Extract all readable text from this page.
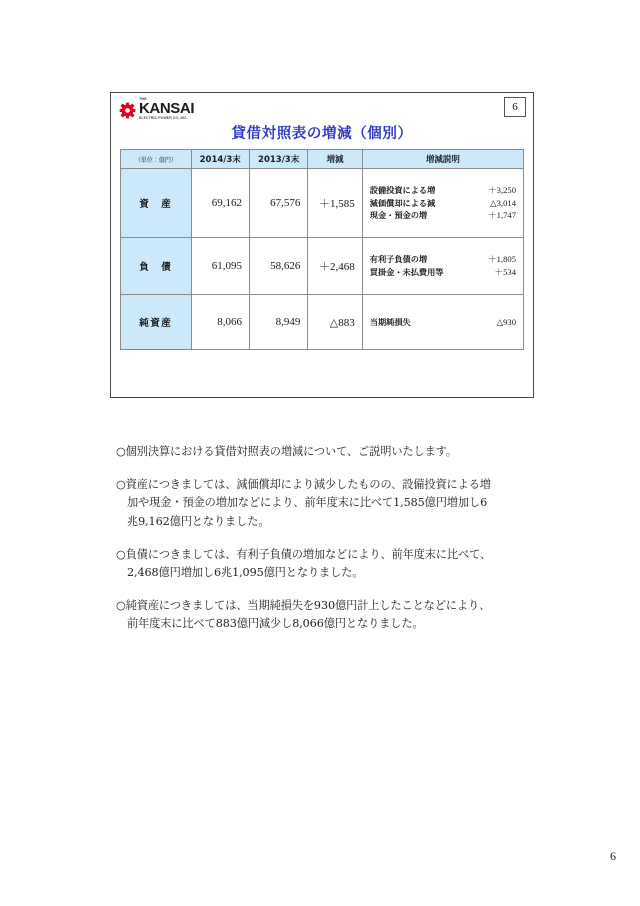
THE
KANSAI
ELECTRIC POWER CO.,INC.
6
貸借対照表の増減（個別）
（単位：億円）	2014/3末	2013/3末	増減	増減説明
資　産	69,162	67,576	＋1,585	
設備投資による増	＋3,250
減価償却による減	△3,014
現金・預金の増	＋1,747

負　債	61,095	58,626	＋2,468	有利子負債の増 ＋1,805
買掛金・未払費用等 ＋534

純資産	8,066	8,949	△883	当期純損失 △930

○個別決算における貸借対照表の増減について、ご説明いたします。

○資産につきましては、減価償却により減少したものの、設備投資による増
加や現金・預金の増加などにより、前年度末に比べて1,585億円増加し6
兆9,162億円となりました。

○負債につきましては、有利子負債の増加などにより、前年度末に比べて、
2,468億円増加し6兆1,095億円となりました。

○純資産につきましては、当期純損失を930億円計上したことなどにより、
前年度末に比べて883億円減少し8,066億円となりました。

6
